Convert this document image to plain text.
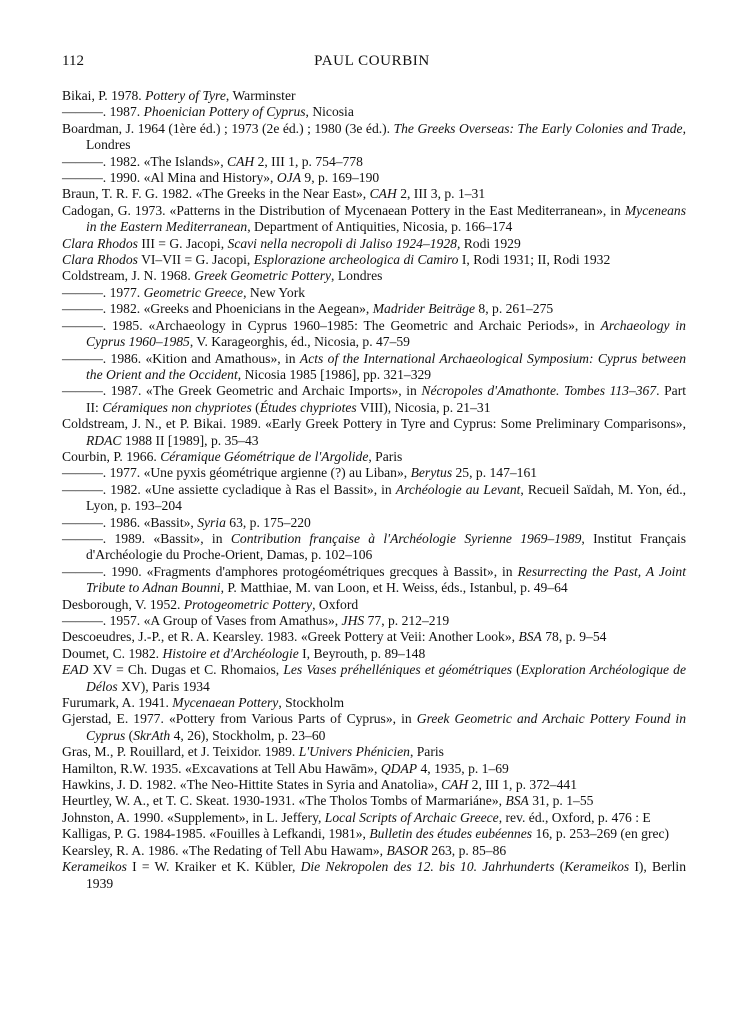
112	PAUL COURBIN
Bikai, P. 1978. Pottery of Tyre, Warminster
———. 1987. Phoenician Pottery of Cyprus, Nicosia
Boardman, J. 1964 (1ère éd.) ; 1973 (2e éd.) ; 1980 (3e éd.). The Greeks Overseas: The Early Colonies and Trade, Londres
———. 1982. «The Islands», CAH 2, III 1, p. 754–778
———. 1990. «Al Mina and History», OJA 9, p. 169–190
Braun, T. R. F. G. 1982. «The Greeks in the Near East», CAH 2, III 3, p. 1–31
Cadogan, G. 1973. «Patterns in the Distribution of Mycenaean Pottery in the East Mediterranean», in Myceneans in the Eastern Mediterranean, Department of Antiquities, Nicosia, p. 166–174
Clara Rhodos III = G. Jacopi, Scavi nella necropoli di Jaliso 1924–1928, Rodi 1929
Clara Rhodos VI–VII = G. Jacopi, Esplorazione archeologica di Camiro I, Rodi 1931; II, Rodi 1932
Coldstream, J. N. 1968. Greek Geometric Pottery, Londres
———. 1977. Geometric Greece, New York
———. 1982. «Greeks and Phoenicians in the Aegean», Madrider Beiträge 8, p. 261–275
———. 1985. «Archaeology in Cyprus 1960–1985: The Geometric and Archaic Periods», in Archaeology in Cyprus 1960–1985, V. Karageorghis, éd., Nicosia, p. 47–59
———. 1986. «Kition and Amathous», in Acts of the International Archaeological Symposium: Cyprus between the Orient and the Occident, Nicosia 1985 [1986], pp. 321–329
———. 1987. «The Greek Geometric and Archaic Imports», in Nécropoles d'Amathonte. Tombes 113–367. Part II: Céramiques non chypriotes (Études chypriotes VIII), Nicosia, p. 21–31
Coldstream, J. N., et P. Bikai. 1989. «Early Greek Pottery in Tyre and Cyprus: Some Preliminary Comparisons», RDAC 1988 II [1989], p. 35–43
Courbin, P. 1966. Céramique Géométrique de l'Argolide, Paris
———. 1977. «Une pyxis géométrique argienne (?) au Liban», Berytus 25, p. 147–161
———. 1982. «Une assiette cycladique à Ras el Bassit», in Archéologie au Levant, Recueil Saïdah, M. Yon, éd., Lyon, p. 193–204
———. 1986. «Bassit», Syria 63, p. 175–220
———. 1989. «Bassit», in Contribution française à l'Archéologie Syrienne 1969–1989, Institut Français d'Archéologie du Proche-Orient, Damas, p. 102–106
———. 1990. «Fragments d'amphores protogéométriques grecques à Bassit», in Resurrecting the Past, A Joint Tribute to Adnan Bounni, P. Matthiae, M. van Loon, et H. Weiss, éds., Istanbul, p. 49–64
Desborough, V. 1952. Protogeometric Pottery, Oxford
———. 1957. «A Group of Vases from Amathus», JHS 77, p. 212–219
Descoeudres, J.-P., et R. A. Kearsley. 1983. «Greek Pottery at Veii: Another Look», BSA 78, p. 9–54
Doumet, C. 1982. Histoire et d'Archéologie I, Beyrouth, p. 89–148
EAD XV = Ch. Dugas et C. Rhomaios, Les Vases préhelléniques et géométriques (Exploration Archéologique de Délos XV), Paris 1934
Furumark, A. 1941. Mycenaean Pottery, Stockholm
Gjerstad, E. 1977. «Pottery from Various Parts of Cyprus», in Greek Geometric and Archaic Pottery Found in Cyprus (SkrAth 4, 26), Stockholm, p. 23–60
Gras, M., P. Rouillard, et J. Teixidor. 1989. L'Univers Phénicien, Paris
Hamilton, R.W. 1935. «Excavations at Tell Abu Hawām», QDAP 4, 1935, p. 1–69
Hawkins, J. D. 1982. «The Neo-Hittite States in Syria and Anatolia», CAH 2, III 1, p. 372–441
Heurtley, W. A., et T. C. Skeat. 1930-1931. «The Tholos Tombs of Marmariáne», BSA 31, p. 1–55
Johnston, A. 1990. «Supplement», in L. Jeffery, Local Scripts of Archaic Greece, rev. éd., Oxford, p. 476 : E
Kalligas, P. G. 1984-1985. «Fouilles à Lefkandi, 1981», Bulletin des études eubéennes 16, p. 253–269 (en grec)
Kearsley, R. A. 1986. «The Redating of Tell Abu Hawam», BASOR 263, p. 85–86
Kerameikos I = W. Kraiker et K. Kübler, Die Nekropolen des 12. bis 10. Jahrhunderts (Kerameikos I), Berlin 1939
